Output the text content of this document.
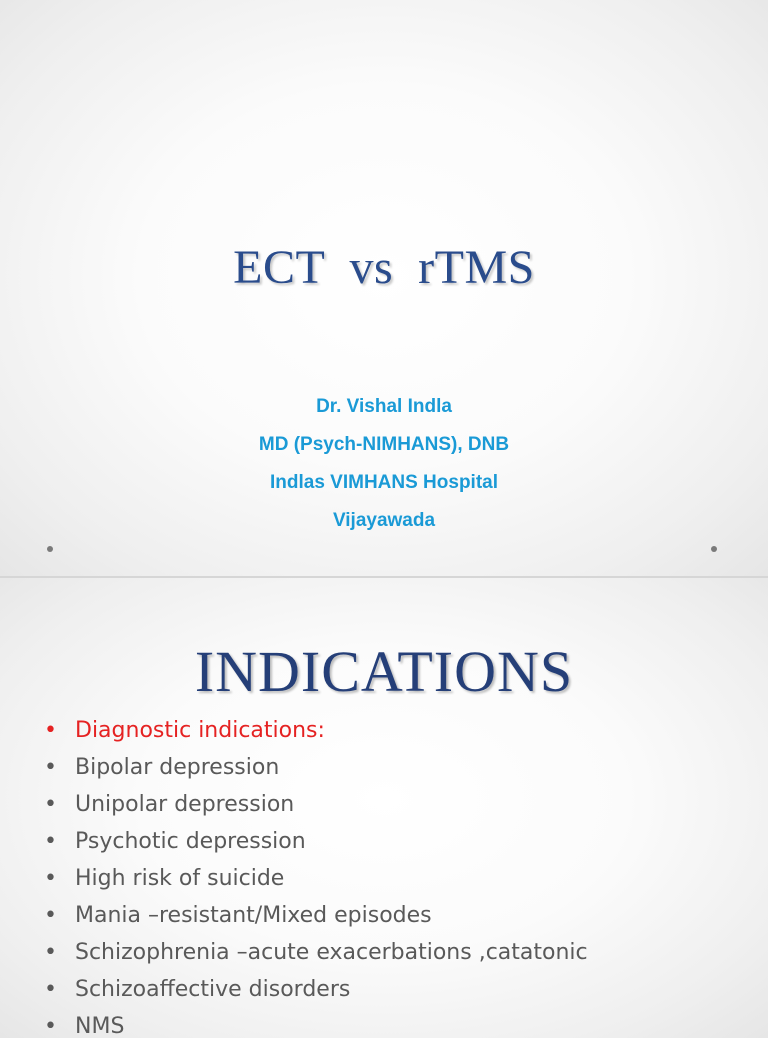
ECT  vs  rTMS
Dr. Vishal Indla
MD (Psych-NIMHANS), DNB
Indlas VIMHANS Hospital
Vijayawada
INDICATIONS
• Diagnostic indications:
• Bipolar depression
• Unipolar depression
• Psychotic depression
• High risk of suicide
• Mania –resistant/Mixed episodes
• Schizophrenia –acute exacerbations ,catatonic
• Schizoaffective disorders
• NMS
